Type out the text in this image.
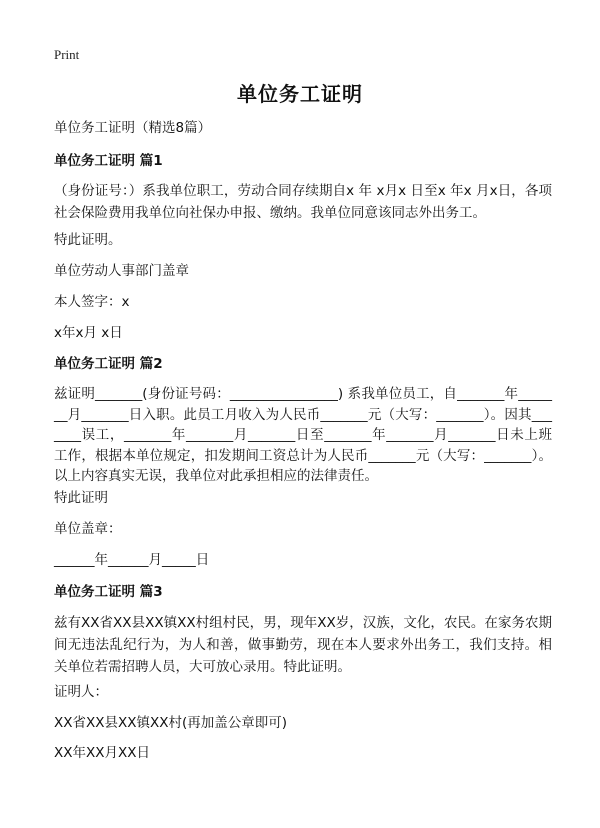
Print
单位务工证明
单位务工证明（精选8篇）
单位务工证明 篇1
（身份证号：）系我单位职工，劳动合同存续期自x 年 x月x 日至x 年x 月x日，各项社会保险费用我单位向社保办申报、缴纳。我单位同意该同志外出务工。
特此证明。
单位劳动人事部门盖章
本人签字：x
x年x月 x日
单位务工证明 篇2
兹证明_______(身份证号码：________________) 系我单位员工，自_______年_______月_______日入职。此员工月收入为人民币_______元（大写：_______）。因其_______误工，_______年_______月_______日至_______年_______月_______日未上班工作，根据本单位规定，扣发期间工资总计为人民币_______元（大写：_______）。以上内容真实无误，我单位对此承担相应的法律责任。
特此证明
单位盖章：
______年______月_____日
单位务工证明 篇3
兹有XX省XX县XX镇XX村组村民，男，现年XX岁，汉族，文化，农民。在家务农期间无违法乱纪行为，为人和善，做事勤劳，现在本人要求外出务工，我们支持。相关单位若需招聘人员，大可放心录用。特此证明。
证明人：
XX省XX县XX镇XX村(再加盖公章即可)
XX年XX月XX日
